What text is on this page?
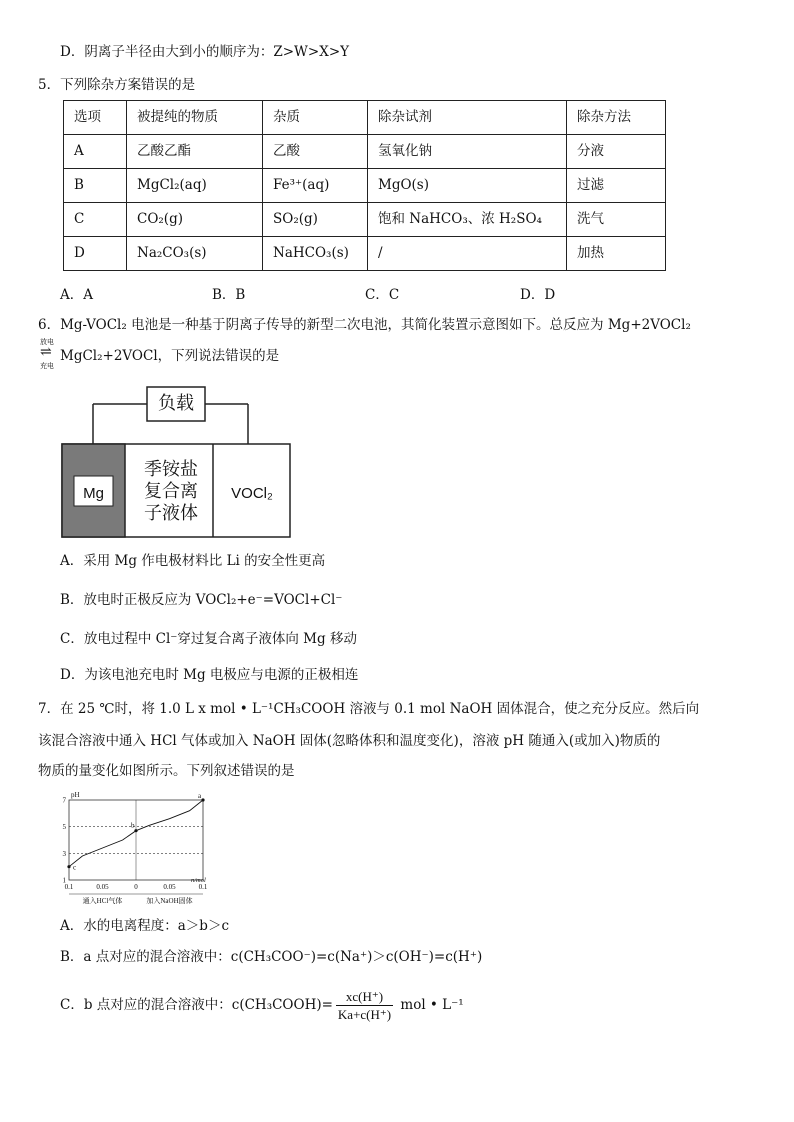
D．阴离子半径由大到小的顺序为：Z>W>X>Y
5．下列除杂方案错误的是
选项	被提纯的物质	杂质	除杂试剂	除杂方法
A	乙酸乙酯	乙酸	氢氧化钠	分液
B	MgCl₂(aq)	Fe³⁺(aq)	MgO(s)	过滤
C	CO₂(g)	SO₂(g)	饱和 NaHCO₃、浓 H₂SO₄	洗气
D	Na₂CO₃(s)	NaHCO₃(s)	/	加热
A．A	B．B	C．C	D．D
6．Mg-VOCl₂ 电池是一种基于阴离子传导的新型二次电池，其简化装置示意图如下。总反应为 Mg+2VOCl₂
放电
⇌
充电
MgCl₂+2VOCl，下列说法错误的是
负载
Mg
季铵盐
复合离
子液体
VOCl₂
A．采用 Mg 作电极材料比 Li 的安全性更高
B．放电时正极反应为 VOCl₂+e⁻=VOCl+Cl⁻
C．放电过程中 Cl⁻穿过复合离子液体向 Mg 移动
D．为该电池充电时 Mg 电极应与电源的正极相连
7．在 25 ℃时，将 1.0 L x mol • L⁻¹CH₃COOH 溶液与 0.1 mol NaOH 固体混合，使之充分反应。然后向
该混合溶液中通入 HCl 气体或加入 NaOH 固体(忽略体积和温度变化)，溶液 pH 随通入(或加入)物质的
物质的量变化如图所示。下列叙述错误的是
pH
n/mol
0.1	0.05	0	0.05	0.1
1
3
5
7
通入HCl气体	加入NaOH固体
c
b
a
A．水的电离程度：a＞b＞c
B．a 点对应的混合溶液中：c(CH₃COO⁻)=c(Na⁺)＞c(OH⁻)=c(H⁺)
C．b 点对应的混合溶液中：c(CH₃COOH)= $\frac{xc(H^+)}{Ka+c(H^+)}$ mol • L⁻¹
